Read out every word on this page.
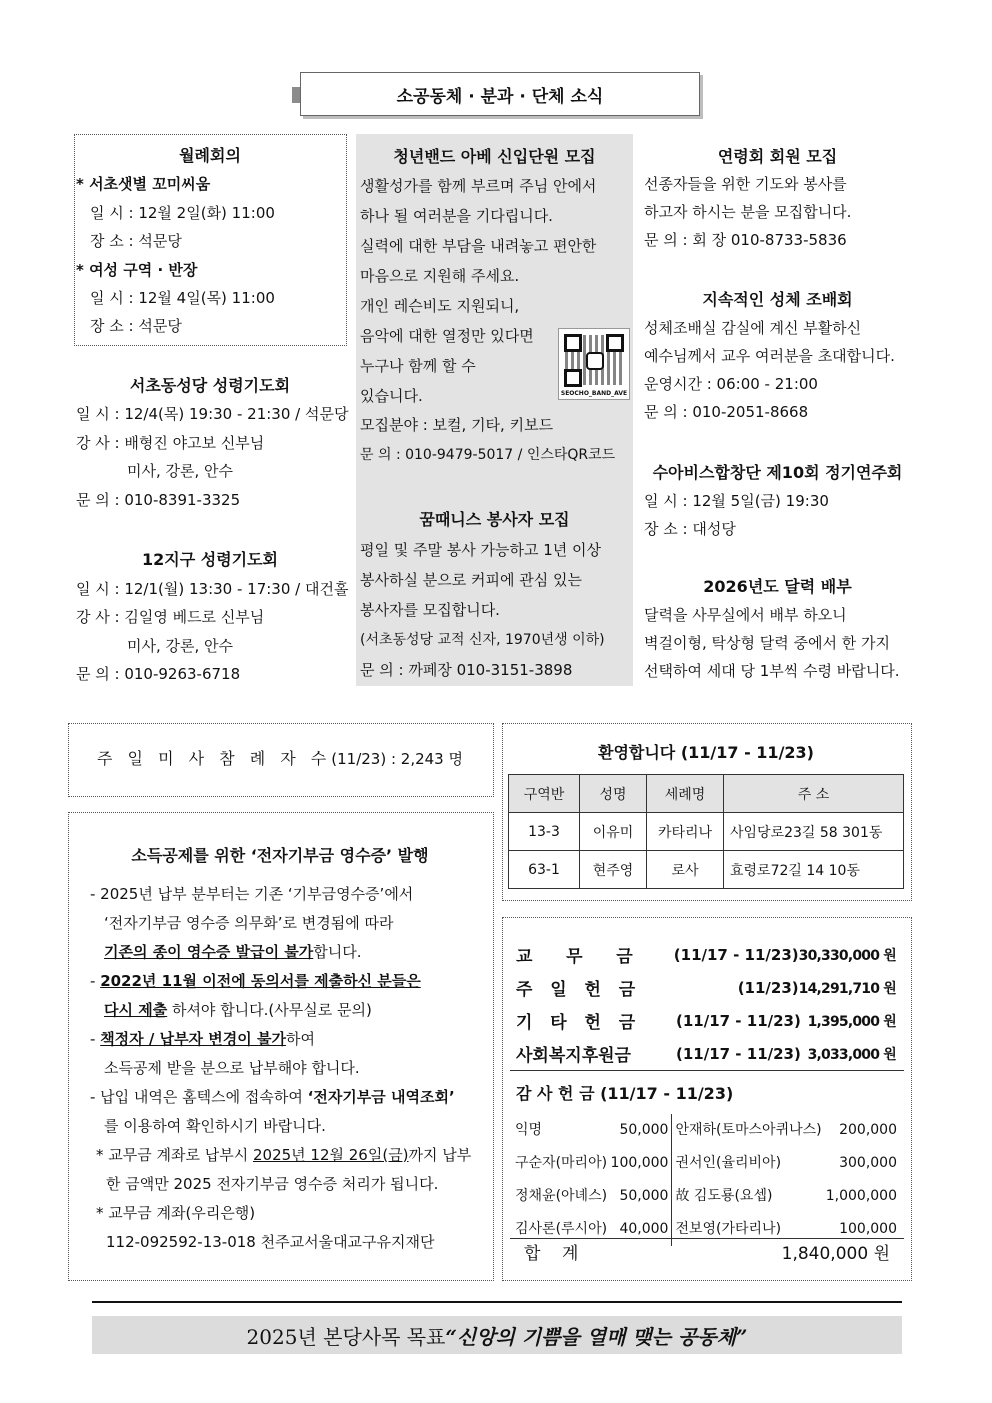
소공동체 · 분과 · 단체 소식
월례회의
* 서초샛별 꼬미씨움
일 시 : 12월 2일(화) 11:00
장 소 : 석문당
* 여성 구역 · 반장
일 시 : 12월 4일(목) 11:00
장 소 : 석문당
서초동성당 성령기도회
일 시 : 12/4(목) 19:30 - 21:30 / 석문당
강 사 : 배형진 야고보 신부님
미사, 강론, 안수
문 의 : 010-8391-3325
12지구 성령기도회
일 시 : 12/1(월) 13:30 - 17:30 / 대건홀
강 사 : 김일영 베드로 신부님
미사, 강론, 안수
문 의 : 010-9263-6718
청년밴드 아베 신입단원 모집
생활성가를 함께 부르며 주님 안에서
하나 될 여러분을 기다립니다.
실력에 대한 부담을 내려놓고 편안한
마음으로 지원해 주세요.
개인 레슨비도 지원되니,
음악에 대한 열정만 있다면
누구나 함께 할 수
있습니다.
모집분야 : 보컬, 기타, 키보드
문 의 : 010-9479-5017 / 인스타QR코드
SEOCHO_BAND_AVE
꿈때니스 봉사자 모집
평일 및 주말 봉사 가능하고 1년 이상
봉사하실 분으로 커피에 관심 있는
봉사자를 모집합니다.
(서초동성당 교적 신자, 1970년생 이하)
문 의 : 까페장 010-3151-3898
연령회 회원 모집
선종자들을 위한 기도와 봉사를
하고자 하시는 분을 모집합니다.
문 의 : 회 장 010-8733-5836
지속적인 성체 조배회
성체조배실 감실에 계신 부활하신
예수님께서 교우 여러분을 초대합니다.
운영시간 : 06:00 - 21:00
문 의 : 010-2051-8668
수아비스합창단 제10회 정기연주회
일 시 : 12월 5일(금) 19:30
장 소 : 대성당
2026년도 달력 배부
달력을 사무실에서 배부 하오니
벽걸이형, 탁상형 달력 중에서 한 가지
선택하여 세대 당 1부씩 수령 바랍니다.
주 일 미 사 참 례 자 수(11/23) : 2,243 명
소득공제를 위한 ‘전자기부금 영수증’ 발행
- 2025년 납부 분부터는 기존 ‘기부금영수증’에서
‘전자기부금 영수증 의무화’로 변경됨에 따라
기존의 종이 영수증 발급이 불가합니다.
- 2022년 11월 이전에 동의서를 제출하신 분들은
다시 제출 하셔야 합니다.(사무실로 문의)
- 책정자 / 납부자 변경이 불가하여
소득공제 받을 분으로 납부해야 합니다.
- 납입 내역은 홈텍스에 접속하여 ‘전자기부금 내역조회’
를 이용하여 확인하시기 바랍니다.
* 교무금 계좌로 납부시 2025년 12월 26일(금)까지 납부
한 금액만 2025 전자기부금 영수증 처리가 됩니다.
* 교무금 계좌(우리은행)
112-092592-13-018 천주교서울대교구유지재단
환영합니다 (11/17 - 11/23)
구역반	성명	세례명	주 소
13-3	이유미	카타리나	사임당로23길 58 301동
63-1	현주영	로사	효령로72길 14 10동
교    무    금	(11/17 - 11/23) 30,330,000 원
주  일  헌  금	(11/23) 14,291,710 원
기  타  헌  금	(11/17 - 11/23) 1,395,000 원
사회복지후원금	(11/17 - 11/23) 3,033,000 원
감 사 헌 금 (11/17 - 11/23)
익명	50,000	안재하(토마스아퀴나스)	200,000
구순자(마리아)	100,000	권서인(율리비아)	300,000
정채윤(아녜스)	50,000	故 김도룡(요셉)	1,000,000
김사론(루시아)	40,000	전보영(가타리나)	100,000
합    계	1,840,000 원
2025년 본당사목 목표 “신앙의 기쁨을 열매 맺는 공동체”
